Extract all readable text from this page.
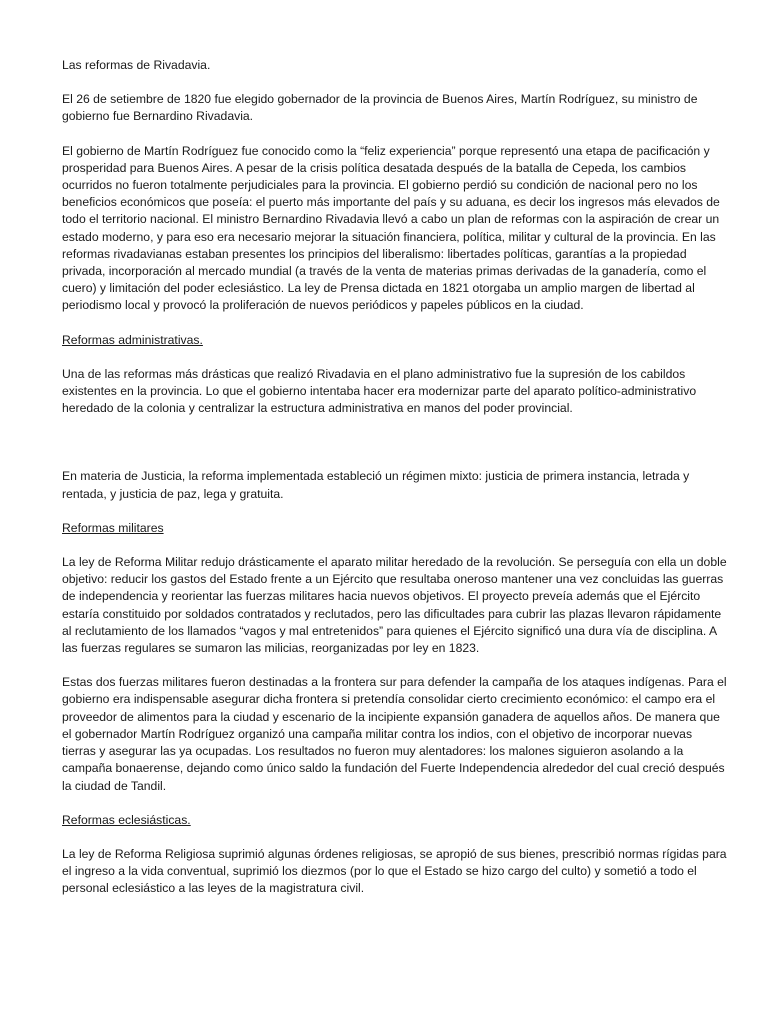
Las reformas de Rivadavia.
El 26 de setiembre de 1820 fue elegido gobernador de la provincia de Buenos Aires, Martín Rodríguez, su ministro de gobierno fue Bernardino Rivadavia.
El gobierno de Martín Rodríguez fue conocido como la “feliz experiencia” porque representó una etapa de pacificación y prosperidad para Buenos Aires. A pesar de la crisis política desatada después de la batalla de Cepeda, los cambios ocurridos no fueron totalmente perjudiciales para la provincia. El gobierno perdió su condición de nacional pero no los beneficios económicos que poseía: el puerto más importante del país y su aduana, es decir los ingresos más elevados de todo el territorio nacional. El ministro Bernardino Rivadavia llevó a cabo un plan de reformas con la aspiración de crear un estado moderno, y para eso era necesario mejorar la situación financiera, política, militar y cultural de la provincia. En las reformas rivadavianas estaban presentes los principios del liberalismo: libertades políticas, garantías a la propiedad privada, incorporación al mercado mundial (a través de la venta de materias primas derivadas de la ganadería, como el cuero) y limitación del poder eclesiástico. La ley de Prensa dictada en 1821 otorgaba un amplio margen de libertad al periodismo local y provocó la proliferación de nuevos periódicos y papeles públicos en la ciudad.
Reformas administrativas.
Una de las reformas más drásticas que realizó Rivadavia en el plano administrativo fue la supresión de los cabildos existentes en la provincia. Lo que el gobierno intentaba hacer era modernizar parte del aparato político-administrativo heredado de la colonia y centralizar la estructura administrativa en manos del poder provincial.
En materia de Justicia, la reforma implementada estableció un régimen mixto: justicia de primera instancia, letrada y rentada, y justicia de paz, lega y gratuita.
Reformas militares
La ley de Reforma Militar redujo drásticamente el aparato militar heredado de la revolución. Se perseguía con ella un doble objetivo: reducir los gastos del Estado frente a un Ejército que resultaba oneroso mantener una vez concluidas las guerras de independencia y reorientar las fuerzas militares hacia nuevos objetivos. El proyecto preveía además que el Ejército estaría constituido por soldados contratados y reclutados, pero las dificultades para cubrir las plazas llevaron rápidamente al reclutamiento de los llamados “vagos y mal entretenidos” para quienes el Ejército significó una dura vía de disciplina. A las fuerzas regulares se sumaron las milicias, reorganizadas por ley en 1823.
Estas dos fuerzas militares fueron destinadas a la frontera sur para defender la campaña de los ataques indígenas. Para el gobierno era indispensable asegurar dicha frontera si pretendía consolidar cierto crecimiento económico: el campo era el proveedor de alimentos para la ciudad y escenario de la incipiente expansión ganadera de aquellos años. De manera que el gobernador Martín Rodríguez organizó una campaña militar contra los indios, con el objetivo de incorporar nuevas tierras y asegurar las ya ocupadas. Los resultados no fueron muy alentadores: los malones siguieron asolando a la campaña bonaerense, dejando como único saldo la fundación del Fuerte Independencia alrededor del cual creció después la ciudad de Tandil.
Reformas eclesiásticas.
La ley de Reforma Religiosa suprimió algunas órdenes religiosas, se apropió de sus bienes, prescribió normas rígidas para el ingreso a la vida conventual, suprimió los diezmos (por lo que el Estado se hizo cargo del culto) y sometió a todo el personal eclesiástico a las leyes de la magistratura civil.
